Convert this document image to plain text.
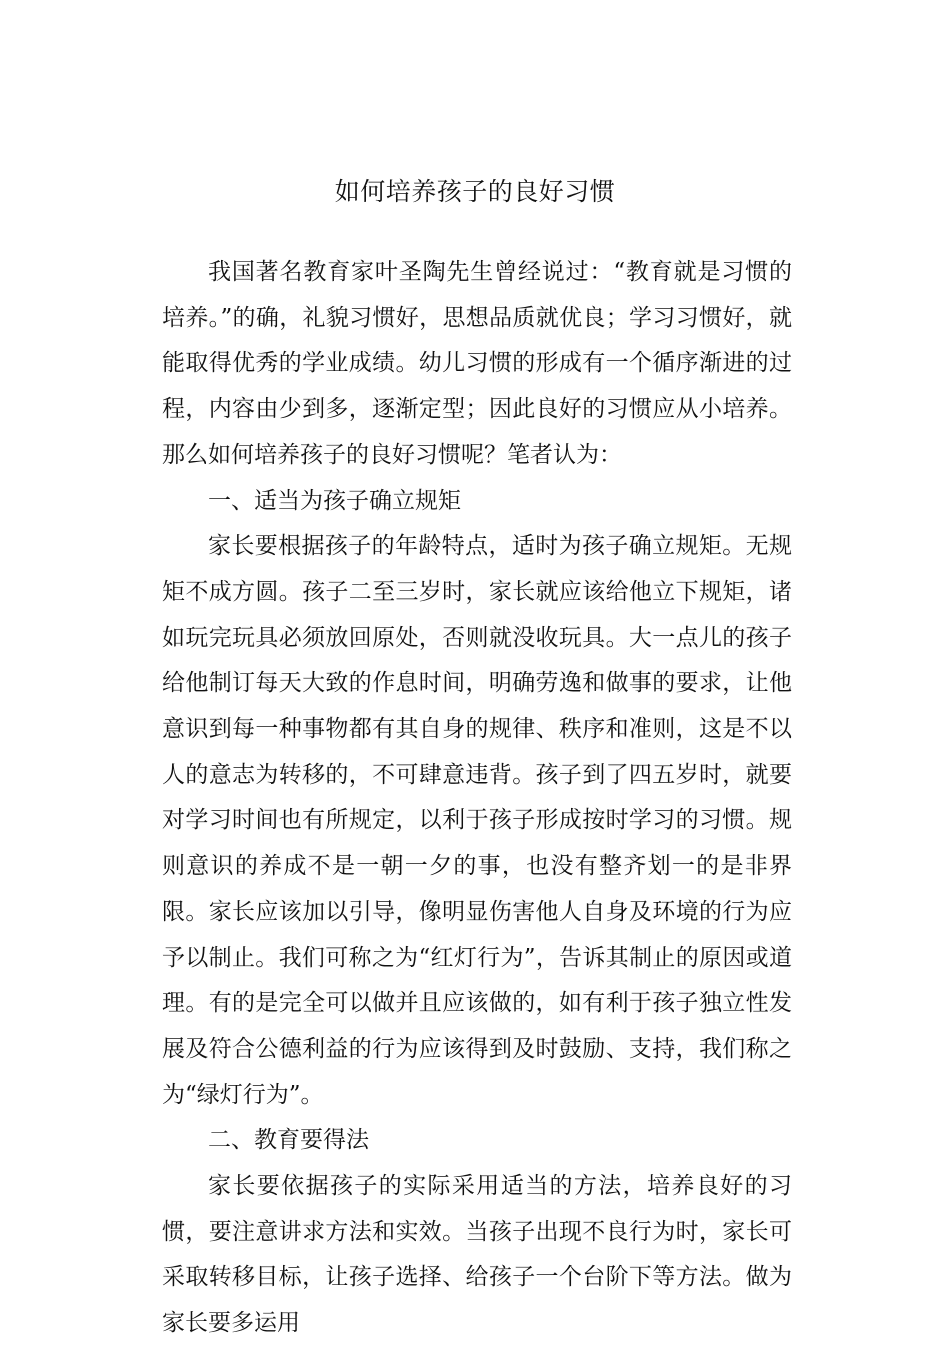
如何培养孩子的良好习惯

我国著名教育家叶圣陶先生曾经说过：“教育就是习惯的培养。”的确，礼貌习惯好，思想品质就优良；学习习惯好，就能取得优秀的学业成绩。幼儿习惯的形成有一个循序渐进的过程，内容由少到多，逐渐定型；因此良好的习惯应从小培养。那么如何培养孩子的良好习惯呢？笔者认为：

一、适当为孩子确立规矩

家长要根据孩子的年龄特点，适时为孩子确立规矩。无规矩不成方圆。孩子二至三岁时，家长就应该给他立下规矩，诸如玩完玩具必须放回原处，否则就没收玩具。大一点儿的孩子给他制订每天大致的作息时间，明确劳逸和做事的要求，让他意识到每一种事物都有其自身的规律、秩序和准则，这是不以人的意志为转移的，不可肆意违背。孩子到了四五岁时，就要对学习时间也有所规定，以利于孩子形成按时学习的习惯。规则意识的养成不是一朝一夕的事，也没有整齐划一的是非界限。家长应该加以引导，像明显伤害他人自身及环境的行为应予以制止。我们可称之为“红灯行为”，告诉其制止的原因或道理。有的是完全可以做并且应该做的，如有利于孩子独立性发展及符合公德利益的行为应该得到及时鼓励、支持，我们称之为“绿灯行为”。

二、教育要得法

家长要依据孩子的实际采用适当的方法，培养良好的习惯，要注意讲求方法和实效。当孩子出现不良行为时，家长可采取转移目标，让孩子选择、给孩子一个台阶下等方法。做为家长要多运用
